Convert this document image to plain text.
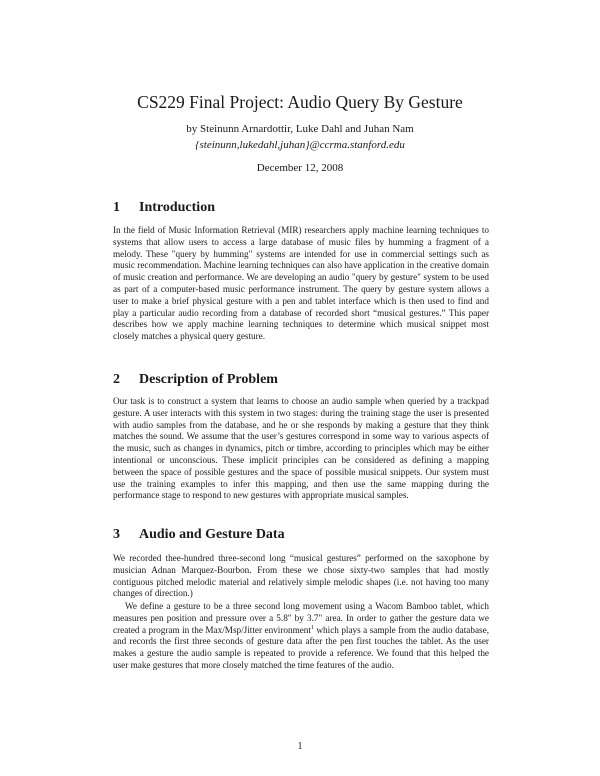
CS229 Final Project: Audio Query By Gesture
by Steinunn Arnardottir, Luke Dahl and Juhan Nam
{steinunn,lukedahl,juhan}@ccrma.stanford.edu
December 12, 2008
1 Introduction

In the field of Music Information Retrieval (MIR) researchers apply machine learning techniques to systems that allow users to access a large database of music files by humming a fragment of a melody. These "query by humming" systems are intended for use in commercial settings such as music recommendation. Machine learning techniques can also have application in the creative domain of music creation and performance. We are developing an audio "query by gesture" system to be used as part of a computer-based music performance instrument. The query by gesture system allows a user to make a brief physical gesture with a pen and tablet interface which is then used to find and play a particular audio recording from a database of recorded short “musical gestures.” This paper describes how we apply machine learning techniques to determine which musical snippet most closely matches a physical query gesture.

2 Description of Problem

Our task is to construct a system that learns to choose an audio sample when queried by a trackpad gesture. A user interacts with this system in two stages: during the training stage the user is presented with audio samples from the database, and he or she responds by making a gesture that they think matches the sound. We assume that the user’s gestures correspond in some way to various aspects of the music, such as changes in dynamics, pitch or timbre, according to principles which may be either intentional or unconscious. These implicit principles can be considered as defining a mapping between the space of possible gestures and the space of possible musical snippets. Our system must use the training examples to infer this mapping, and then use the same mapping during the performance stage to respond to new gestures with appropriate musical samples.

3 Audio and Gesture Data

We recorded thee-hundred three-second long “musical gestures” performed on the saxophone by musician Adnan Marquez-Bourbon. From these we chose sixty-two samples that had mostly contiguous pitched melodic material and relatively simple melodic shapes (i.e. not having too many changes of direction.)

We define a gesture to be a three second long movement using a Wacom Bamboo tablet, which measures pen position and pressure over a 5.8" by 3.7" area. In order to gather the gesture data we created a program in the Max/Msp/Jitter environment$^1$ which plays a sample from the audio database, and records the first three seconds of gesture data after the pen first touches the tablet. As the user makes a gesture the audio sample is repeated to provide a reference. We found that this helped the user make gestures that more closely matched the time features of the audio.

1
